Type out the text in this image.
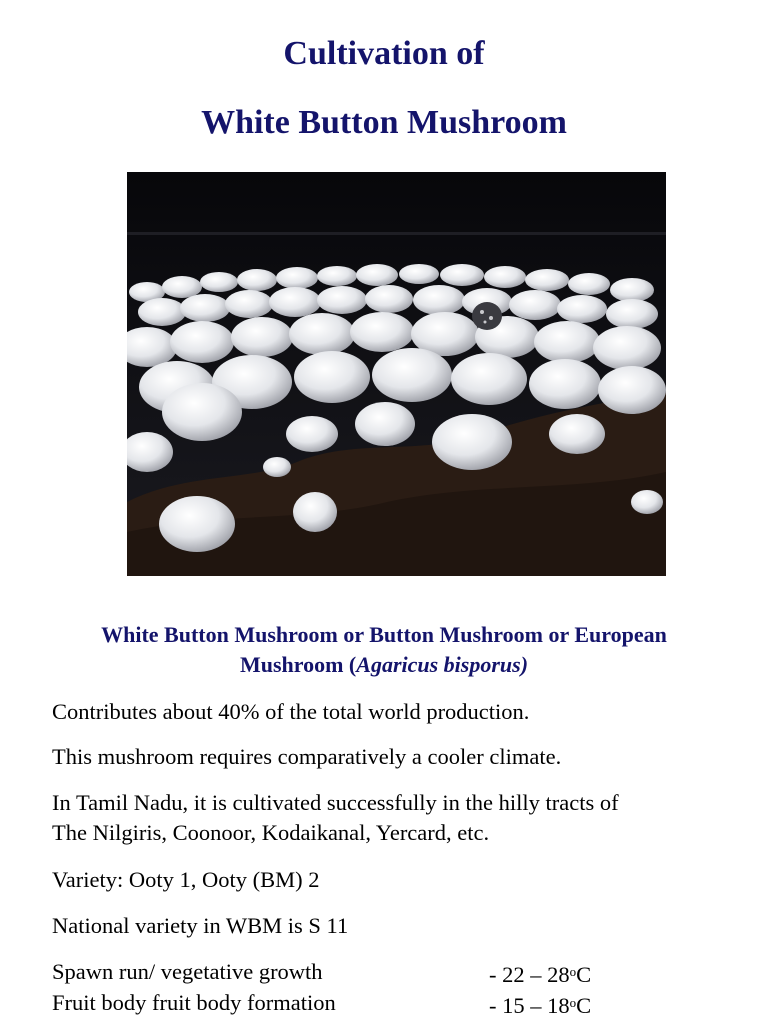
Cultivation of
White Button Mushroom
White Button Mushroom or Button Mushroom or European
Mushroom (Agaricus bisporus)
Contributes about 40% of the total world production.
This mushroom requires comparatively a cooler climate.
In Tamil Nadu, it is cultivated successfully in the hilly tracts of
The Nilgiris, Coonoor, Kodaikanal, Yercard, etc.
Variety: Ooty 1, Ooty (BM) 2
National variety in WBM is S 11
Spawn run/ vegetative growth	- 22 – 28$^o$C
Fruit body fruit body formation	- 15 – 18$^o$C
